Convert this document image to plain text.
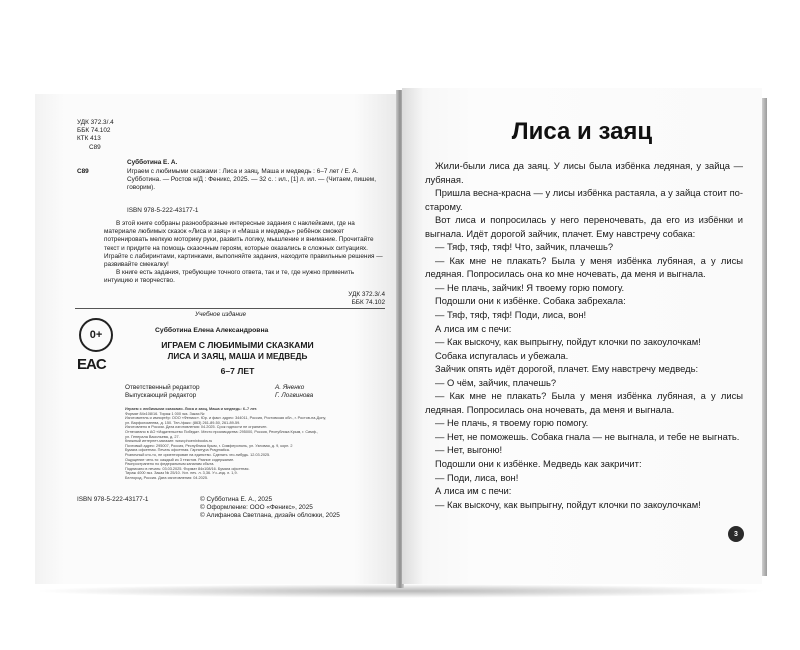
УДК 372.3/.4
ББК 74.102
КТК 413
С89
С89
Субботина Е. А.
Играем с любимыми сказками : Лиса и заяц, Маша и медведь : 6–7 лет / Е. А. Субботина. — Ростов н/Д : Феникс, 2025. — 32 с. : ил., [1] л. ил. — (Читаем, пишем, говорим).
ISBN 978-5-222-43177-1
В этой книге собраны разнообразные интересные задания с наклейками, где на материале любимых сказок «Лиса и заяц» и «Маша и медведь» ребёнок сможет потренировать мелкую моторику руки, развить логику, мышление и внимание. Прочитайте текст и придите на помощь сказочным героям, которые оказались в сложных ситуациях. Играйте с лабиринтами, картинками, выполняйте задания, находите правильные решения — развивайте смекалку!
В книге есть задания, требующие точного ответа, так и те, где нужно применить интуицию и творчество.
УДК 372.3/.4
ББК 74.102
0+
EAC
Учебное издание
Субботина Елена Александровна
ИГРАЕМ С ЛЮБИМЫМИ СКАЗКАМИ
ЛИСА И ЗАЯЦ, МАША И МЕДВЕДЬ
6–7 ЛЕТ
Ответственный редактор	А. Яненко
Выпускающий редактор	Г. Логвинова
Играем с любимыми сказками. Лиса и заяц, Маша и медведь: 6–7 лет.
Формат 84х108/16. Тираж 1 000 экз. Заказ №
Изготовитель и импортёр: ООО «Феникс». Юр. и факт. адрес: 344011, Россия, Ростовская обл., г. Ростов-на-Дону,
ул. Варфоломеева, д. 150. Тел./факс: (863) 261-89-50, 261-89-59.
Изготовлено в России. Дата изготовления: 04.2025. Срок годности не ограничен.
Отпечатано в АО «Издательство Победа». Место производства: 295000, Россия, Республика Крым, г. Симф.,
ул. Генерала Васильева, д. 27.
Книжный интернет-магазин: www.phoenixbooks.ru
Почтовый адрес: 295007, Россия, Республика Крым, г. Симферополь, ул. Узловая, д. 9, корп. 2
Бумага офсетная. Печать офсетная. Гарнитура Pragmatica.
Розничный кто-то, не ориентирован на единство. Сделать что-нибудь. 12.03.2025.
Ощущение чего-то: каждый из 3 текстов. Разное содержание.
Распространено по федеральным каналам сбыта.
Подписано в печать: 03.03.2025. Формат 84х108/16. Бумага офсетная.
Тираж 4000 экз. Заказ № 25/10. Усл. печ. л. 3,36. Уч.-изд. л. 1,9.
Белгород, Россия. Дата изготовления: 04.2025.
ISBN 978-5-222-43177-1	© Субботина Е. А., 2025
© Оформление: ООО «Феникс», 2025
© Алифанова Светлана, дизайн обложки, 2025
Лиса и заяц

Жили-были лиса да заяц. У лисы была избёнка ледяная, у зайца — лубяная.

Пришла весна-красна — у лисы избёнка растаяла, а у зайца стоит по-старому.

Вот лиса и попросилась у него переночевать, да его из избёнки и выгнала. Идёт дорогой зайчик, плачет. Ему навстречу собака:

— Тяф, тяф, тяф! Что, зайчик, плачешь?

— Как мне не плакать? Была у меня избёнка лубяная, а у лисы ледяная. Попросилась она ко мне ночевать, да меня и выгнала.

— Не плачь, зайчик! Я твоему горю помогу.

Подошли они к избёнке. Собака забрехала:

— Тяф, тяф, тяф! Поди, лиса, вон!

А лиса им с печи:

— Как выскочу, как выпрыгну, пойдут клочки по закоулочкам!

Собака испугалась и убежала.

Зайчик опять идёт дорогой, плачет. Ему навстречу медведь:

— О чём, зайчик, плачешь?

— Как мне не плакать? Была у меня избёнка лубяная, а у лисы ледяная. Попросилась она ночевать, да меня и выгнала.

— Не плачь, я твоему горю помогу.

— Нет, не поможешь. Собака гнала — не выгнала, и тебе не выгнать.

— Нет, выгоню!

Подошли они к избёнке. Медведь как закричит:

— Поди, лиса, вон!

А лиса им с печи:

— Как выскочу, как выпрыгну, пойдут клочки по закоулочкам!

3
